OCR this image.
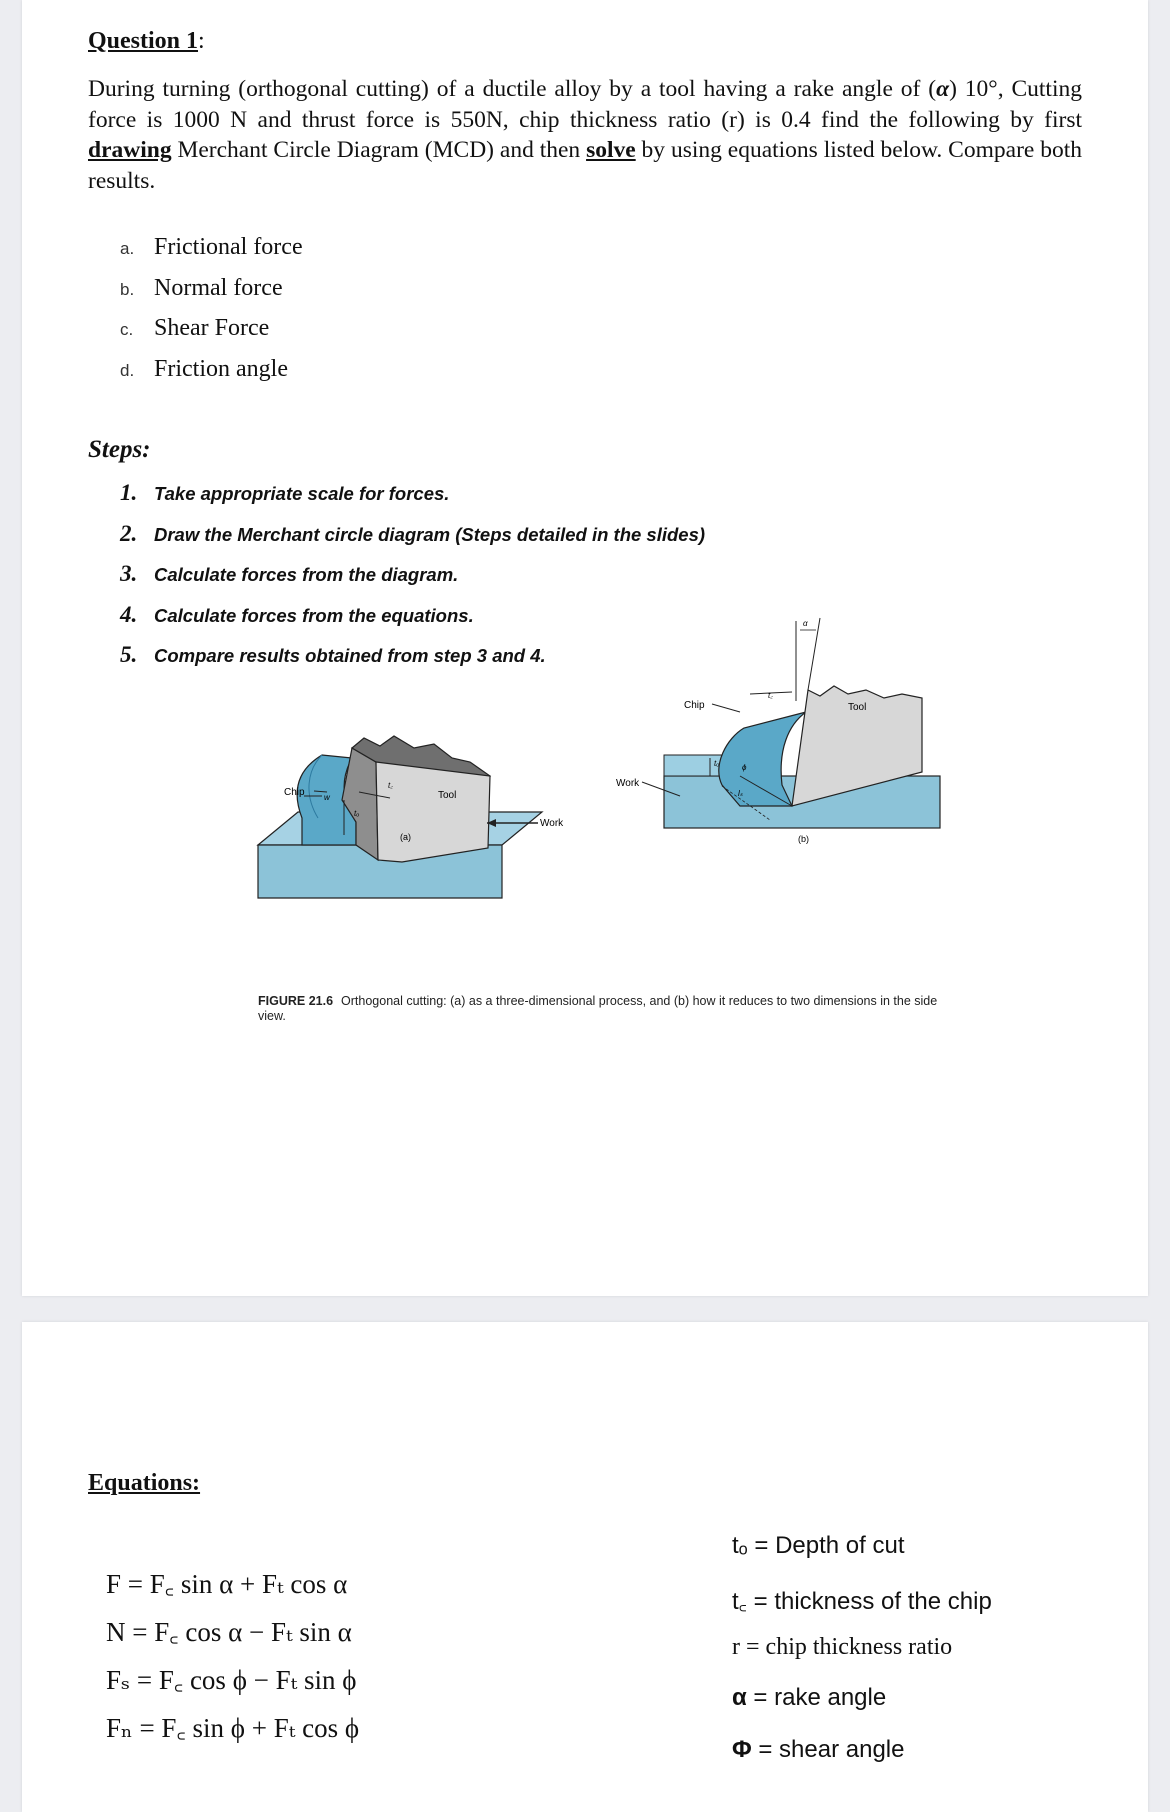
Question 1:
During turning (orthogonal cutting) of a ductile alloy by a tool having a rake angle of (α) 10°, Cutting force is 1000 N and thrust force is 550N, chip thickness ratio (r) is 0.4 find the following by first drawing Merchant Circle Diagram (MCD) and then solve by using equations listed below. Compare both results.
a. Frictional force
b. Normal force
c. Shear Force
d. Friction angle
Steps:
1. Take appropriate scale for forces.
2. Draw the Merchant circle diagram (Steps detailed in the slides)
3. Calculate forces from the diagram.
4. Calculate forces from the equations.
5. Compare results obtained from step 3 and 4.
Chip	Tool
w
tₒ
t꜀
Work
(a)
Chip	Tool
Work
tₒ
t꜀
ϕ
lₛ
α
(b)
FIGURE 21.6 Orthogonal cutting: (a) as a three-dimensional process, and (b) how it reduces to two dimensions in the side view.
Equations:
F = F꜀ sin α + Fₜ cos α
N = F꜀ cos α − Fₜ sin α
Fₛ = F꜀ cos ϕ − Fₜ sin ϕ
Fₙ = F꜀ sin ϕ + Fₜ cos ϕ
tₒ = Depth of cut
t꜀ = thickness of the chip
r = chip thickness ratio
α = rake angle
Φ = shear angle
